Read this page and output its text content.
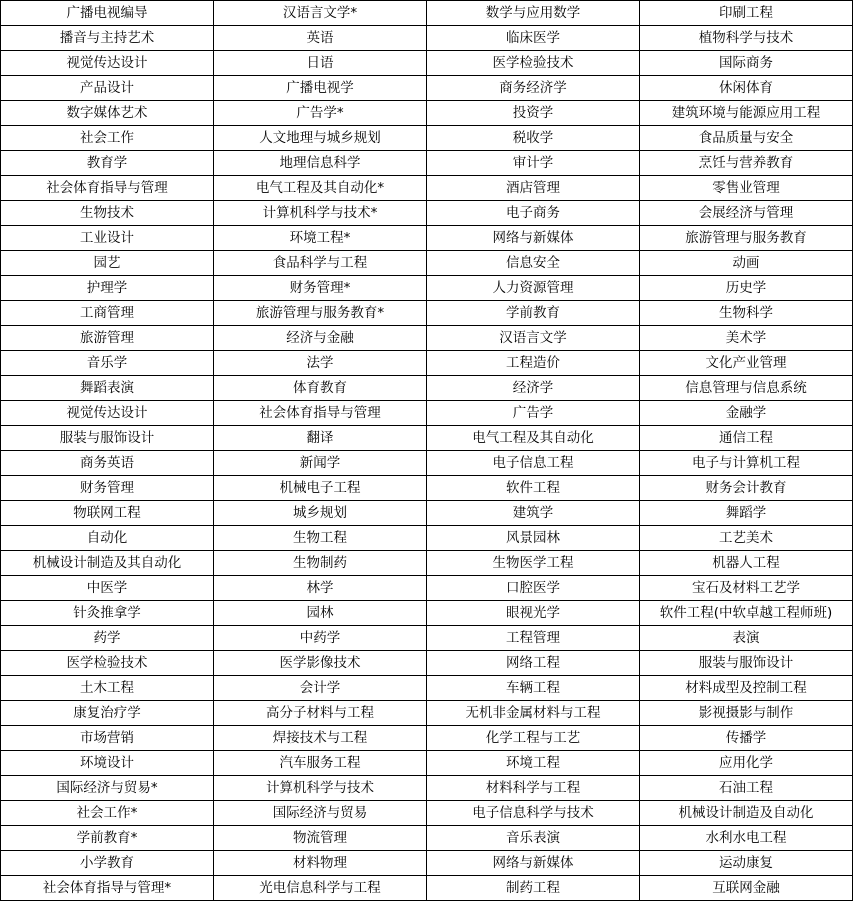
广播电视编导	汉语言文学*	数学与应用数学	印刷工程
播音与主持艺术	英语	临床医学	植物科学与技术
视觉传达设计	日语	医学检验技术	国际商务
产品设计	广播电视学	商务经济学	休闲体育
数字媒体艺术	广告学*	投资学	建筑环境与能源应用工程
社会工作	人文地理与城乡规划	税收学	食品质量与安全
教育学	地理信息科学	审计学	烹饪与营养教育
社会体育指导与管理	电气工程及其自动化*	酒店管理	零售业管理
生物技术	计算机科学与技术*	电子商务	会展经济与管理
工业设计	环境工程*	网络与新媒体	旅游管理与服务教育
园艺	食品科学与工程	信息安全	动画
护理学	财务管理*	人力资源管理	历史学
工商管理	旅游管理与服务教育*	学前教育	生物科学
旅游管理	经济与金融	汉语言文学	美术学
音乐学	法学	工程造价	文化产业管理
舞蹈表演	体育教育	经济学	信息管理与信息系统
视觉传达设计	社会体育指导与管理	广告学	金融学
服装与服饰设计	翻译	电气工程及其自动化	通信工程
商务英语	新闻学	电子信息工程	电子与计算机工程
财务管理	机械电子工程	软件工程	财务会计教育
物联网工程	城乡规划	建筑学	舞蹈学
自动化	生物工程	风景园林	工艺美术
机械设计制造及其自动化	生物制药	生物医学工程	机器人工程
中医学	林学	口腔医学	宝石及材料工艺学
针灸推拿学	园林	眼视光学	软件工程(中软卓越工程师班)
药学	中药学	工程管理	表演
医学检验技术	医学影像技术	网络工程	服装与服饰设计
土木工程	会计学	车辆工程	材料成型及控制工程
康复治疗学	高分子材料与工程	无机非金属材料与工程	影视摄影与制作
市场营销	焊接技术与工程	化学工程与工艺	传播学
环境设计	汽车服务工程	环境工程	应用化学
国际经济与贸易*	计算机科学与技术	材料科学与工程	石油工程
社会工作*	国际经济与贸易	电子信息科学与技术	机械设计制造及自动化
学前教育*	物流管理	音乐表演	水利水电工程
小学教育	材料物理	网络与新媒体	运动康复
社会体育指导与管理*	光电信息科学与工程	制药工程	互联网金融
